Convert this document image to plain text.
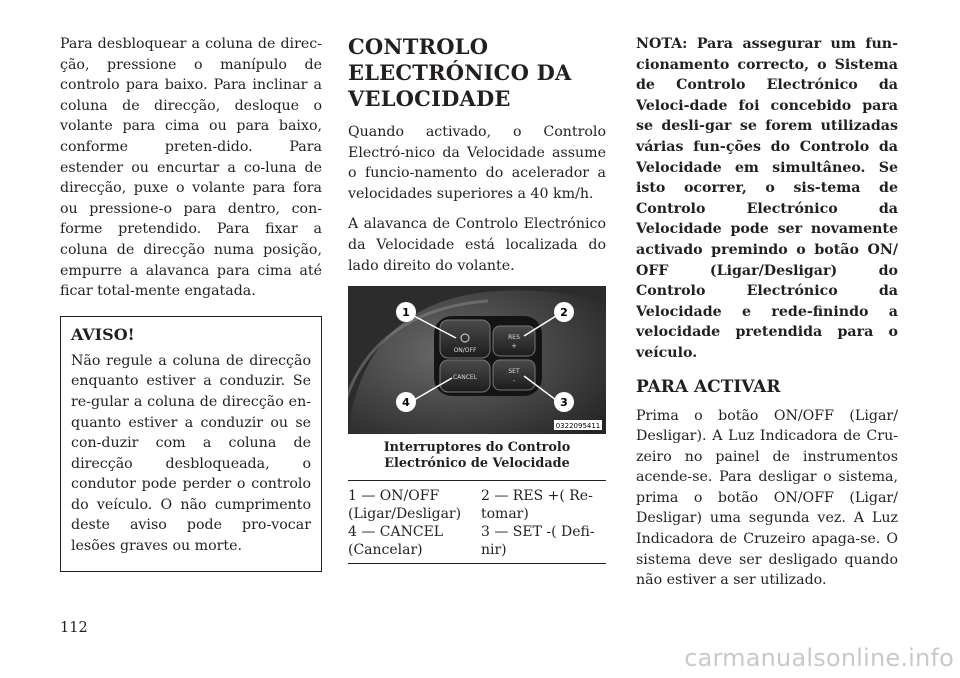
Para desbloquear a coluna de direc-ção, pressione o manípulo de controlo para baixo. Para inclinar a coluna de direcção, desloque o volante para cima ou para baixo, conforme preten-dido. Para estender ou encurtar a co-luna de direcção, puxe o volante para fora ou pressione-o para dentro, con-forme pretendido. Para fixar a coluna de direcção numa posição, empurre a alavanca para cima até ficar total-mente engatada.

AVISO!

Não regule a coluna de direcção enquanto estiver a conduzir. Se re-gular a coluna de direcção en-quanto estiver a conduzir ou se con-duzir com a coluna de direcção desbloqueada, o condutor pode perder o controlo do veículo. O não cumprimento deste aviso pode pro-vocar lesões graves ou morte.

CONTROLO ELECTRÓNICO DA VELOCIDADE

Quando activado, o Controlo Electró-nico da Velocidade assume o funcio-namento do acelerador a velocidades superiores a 40 km/h.

A alavanca de Controlo Electrónico da Velocidade está localizada do lado direito do volante.

ON/OFF
CANCEL
RES
+
SET
-
1	2
3
4
0322095411
Interruptores do Controlo Electrónico de Velocidade
1 — ON/OFF (Ligar/Desligar)
2 — RES +( Re-tomar)
4 — CANCEL (Cancelar)
3 — SET -( Defi-nir)

NOTA: Para assegurar um fun-cionamento correcto, o Sistema de Controlo Electrónico da Veloci-dade foi concebido para se desli-gar se forem utilizadas várias fun-ções do Controlo da Velocidade em simultâneo. Se isto ocorrer, o sis-tema de Controlo Electrónico da Velocidade pode ser novamente activado premindo o botão ON/ OFF (Ligar/Desligar) do Controlo Electrónico da Velocidade e rede-finindo a velocidade pretendida para o veículo.

PARA ACTIVAR

Prima o botão ON/OFF (Ligar/ Desligar). A Luz Indicadora de Cru-zeiro no painel de instrumentos acende-se. Para desligar o sistema, prima o botão ON/OFF (Ligar/ Desligar) uma segunda vez. A Luz Indicadora de Cruzeiro apaga-se. O sistema deve ser desligado quando não estiver a ser utilizado.

112
carmanualsonline.info
